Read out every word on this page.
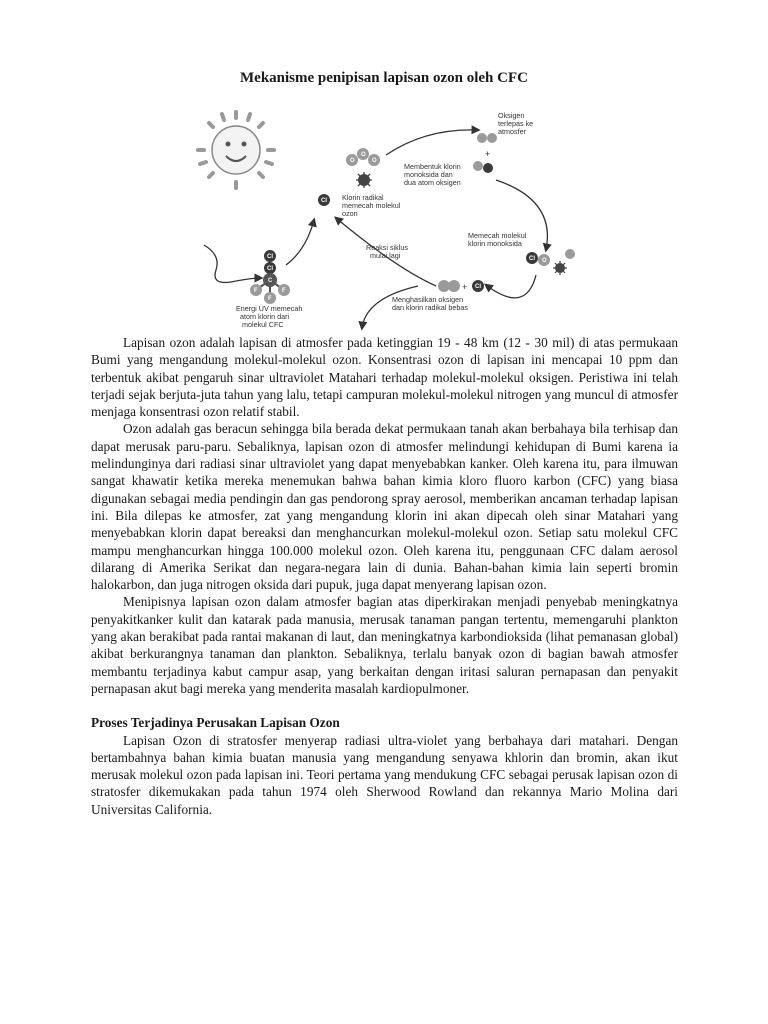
Mekanisme penipisan lapisan ozon oleh CFC
Cl
Cl
C
F	F
F
Energi UV memecah
atom klorin dari
molekul CFC
Cl
O
O
O
Klorin radikal
memecah molekul
ozon
Membentuk klorin
monoksida dan
dua atom oksigen
Oksigen
terlepas ke
atmosfer
+
Memecah molekul
klorin monoksida
Cl O
+ Cl
Menghasilkan oksigen
dan klorin radikal bebas
Reaksi siklus
mulai lagi

Lapisan ozon adalah lapisan di atmosfer pada ketinggian 19 - 48 km (12 - 30 mil) di atas permukaan Bumi yang mengandung molekul-molekul ozon. Konsentrasi ozon di lapisan ini mencapai 10 ppm dan terbentuk akibat pengaruh sinar ultraviolet Matahari terhadap molekul-molekul oksigen. Peristiwa ini telah terjadi sejak berjuta-juta tahun yang lalu, tetapi campuran molekul-molekul nitrogen yang muncul di atmosfer menjaga konsentrasi ozon relatif stabil.

Ozon adalah gas beracun sehingga bila berada dekat permukaan tanah akan berbahaya bila terhisap dan dapat merusak paru-paru. Sebaliknya, lapisan ozon di atmosfer melindungi kehidupan di Bumi karena ia melindunginya dari radiasi sinar ultraviolet yang dapat menyebabkan kanker. Oleh karena itu, para ilmuwan sangat khawatir ketika mereka menemukan bahwa bahan kimia kloro fluoro karbon (CFC) yang biasa digunakan sebagai media pendingin dan gas pendorong spray aerosol, memberikan ancaman terhadap lapisan ini. Bila dilepas ke atmosfer, zat yang mengandung klorin ini akan dipecah oleh sinar Matahari yang menyebabkan klorin dapat bereaksi dan menghancurkan molekul-molekul ozon. Setiap satu molekul CFC mampu menghancurkan hingga 100.000 molekul ozon. Oleh karena itu, penggunaan CFC dalam aerosol dilarang di Amerika Serikat dan negara-negara lain di dunia. Bahan-bahan kimia lain seperti bromin halokarbon, dan juga nitrogen oksida dari pupuk, juga dapat menyerang lapisan ozon.

Menipisnya lapisan ozon dalam atmosfer bagian atas diperkirakan menjadi penyebab meningkatnya penyakitkanker kulit dan katarak pada manusia, merusak tanaman pangan tertentu, memengaruhi plankton yang akan berakibat pada rantai makanan di laut, dan meningkatnya karbondioksida (lihat pemanasan global) akibat berkurangnya tanaman dan plankton. Sebaliknya, terlalu banyak ozon di bagian bawah atmosfer membantu terjadinya kabut campur asap, yang berkaitan dengan iritasi saluran pernapasan dan penyakit pernapasan akut bagi mereka yang menderita masalah kardiopulmoner.

Proses Terjadinya Perusakan Lapisan Ozon

Lapisan Ozon di stratosfer menyerap radiasi ultra-violet yang berbahaya dari matahari. Dengan bertambahnya bahan kimia buatan manusia yang mengandung senyawa khlorin dan bromin, akan ikut merusak molekul ozon pada lapisan ini. Teori pertama yang mendukung CFC sebagai perusak lapisan ozon di stratosfer dikemukakan pada tahun 1974 oleh Sherwood Rowland dan rekannya Mario Molina dari Universitas California.
